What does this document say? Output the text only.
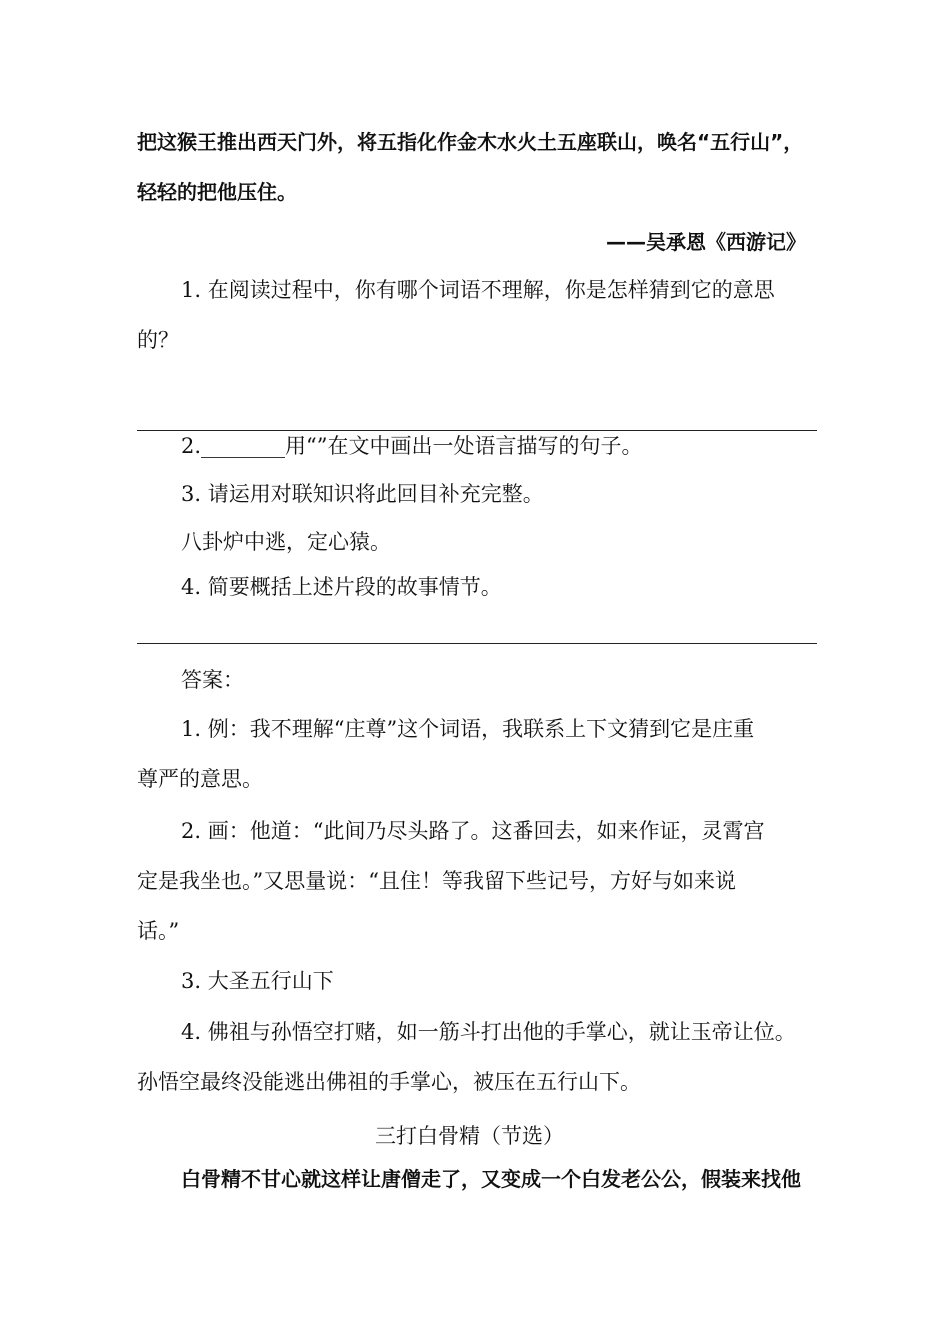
把这猴王推出西天门外，将五指化作金木水火土五座联山，唤名“五行山”，
轻轻的把他压住。
——吴承恩《西游记》
1. 在阅读过程中，你有哪个词语不理解，你是怎样猜到它的意思
的？
2.________用“”在文中画出一处语言描写的句子。
3. 请运用对联知识将此回目补充完整。
八卦炉中逃，定心猿。
4. 简要概括上述片段的故事情节。
答案：
1. 例：我不理解“庄尊”这个词语，我联系上下文猜到它是庄重
尊严的意思。
2. 画：他道：“此间乃尽头路了。这番回去，如来作证，灵霄宫
定是我坐也。”又思量说：“且住！等我留下些记号，方好与如来说
话。”
3. 大圣五行山下
4. 佛祖与孙悟空打赌，如一筋斗打出他的手掌心，就让玉帝让位。
孙悟空最终没能逃出佛祖的手掌心，被压在五行山下。
三打白骨精（节选）
白骨精不甘心就这样让唐僧走了，又变成一个白发老公公，假装来找他
